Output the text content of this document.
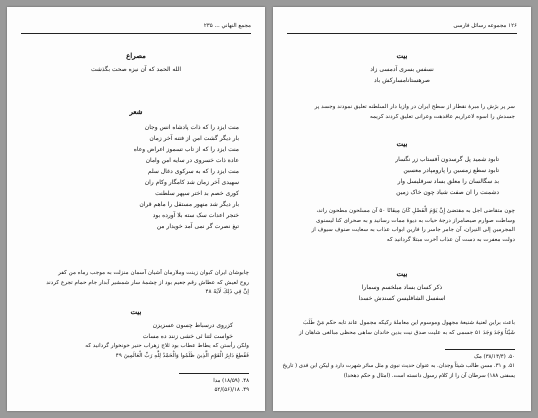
مجمع النهاني ... ۲۳۵
مصراع
الله الحمد که آن نیزه صحت بگذشت
شعر
منت ایزد را که ذات پادشاه انس وجان
بار دیگر گشت امن از فتنه آخر زمان
منت ایزد را که از تاب تسموز اعراض وعاه
عادة ذات خسروی در سایه امن وامان
منت ایزد را که به سرکوی دغال سلم
سهیدی آخر زمان شد کامگار وکام ران
کوری خصم بد اختر سپهر سلطنت
بار دیگر شد منهور مستقل را ماهم قران
خنجر اعدات سک سته بلا آورده بود
تیغ نصرت گر نمی آمد خویدار من
چابوشان ایران کبوان زینت وملارمان آشیان آسمان منزلت به موجب رماه من کفر
روح لعیش که عطاش رقم جعیم بود از چشمهٔ سار شمشیر آبدار جام حمام تجرع کردند
إنَّ فِي ذَلِكَ لَآيَةً ۴۸
بیت
کزروی درسباط چسون عسزیزن
خواست لتنا ئی خشی زنند ده مسات
ولکن رأستن که یطاط عطاب بود ثلاج زهراب حنیر خونخوار گردانید که
فَقُطِعَ دَابِرُ الْقَوْمِ الَّذِينَ ظَلَمُوا وَالْحَمْدُ لِلَّهِ رَبِّ الْعَالَمِينَ ۴۹
۴۸. (۱۸/۵۹) مدا
۴۹. ۱۸/(۵۶)/۵۲
۱۲۶ مجموعه رسائل فارسی
بیت
نسفس بسری آدمسی زاد
صرهستانامسارکش باد
سر پر بژش را مبرهٔ نقطار از سطح ایران در وازیا دار السلطنه تعلیق نمودند وجسد پر
جسدش را اسوه لاعراریم عاقدهت وعرانی تعلیق کردند کریمه
بیت
تابود شمید پل گرسدون آفستاب زر نگسار
تابود سطع زمسین را پارومپادر معسین
بد سگالسان را معلق بساد سرفلیسل وار
دشمنت را ان صفت شیاد چون خاک زمین
چون متقاضی اجل به مقتضیٔ إِنَّ يَوْمَ الْفَصْلِ كَانَ مِيقَاتًا ۵۰ آن مسلحون مطحون راند،
وساطت صوارم صیصامراز درجهٔ حیات به دیوهٔ ممات رسانید و به صحرای کنا لیسنوی
المجرمین إلی النیران، آن جامر جاسر را فارین ابواب عذاب به سعایت صنوف سیوف از
دولت معفرت به دست آن عذاب آخرت مبتلا گردانید که
بیت
ذکر کسان بساد مبلخسم وسمارا
اسفسل الشافلیسن کسندش خسدا
باعث براین لعنیهٔ شنیعهٔ مجهول وموسوم این معاملهٔ رکیکه مجمول عاند تابه حکم مَنْ طَلَبَ
شَيْئاً وَجَدَ وَجَدَ ۵۱ جسمی که به علیت صدق نیت بدین خاندان ساهی محظی مبالغی شاهان از
۵۰. (۳۸/۱۳/۴) مک
۵۱. و ۳۱. مسن طالب شیئاً وجدان. به عنوان حدیث نبوی و مثل سائر شهرت دارد و لیکن ابن فدی ( تاریخ
یسفنی ۱۸۸) سرطان آن را از کلام رسول دانسته است. (امثال و حکم دهخدا)
